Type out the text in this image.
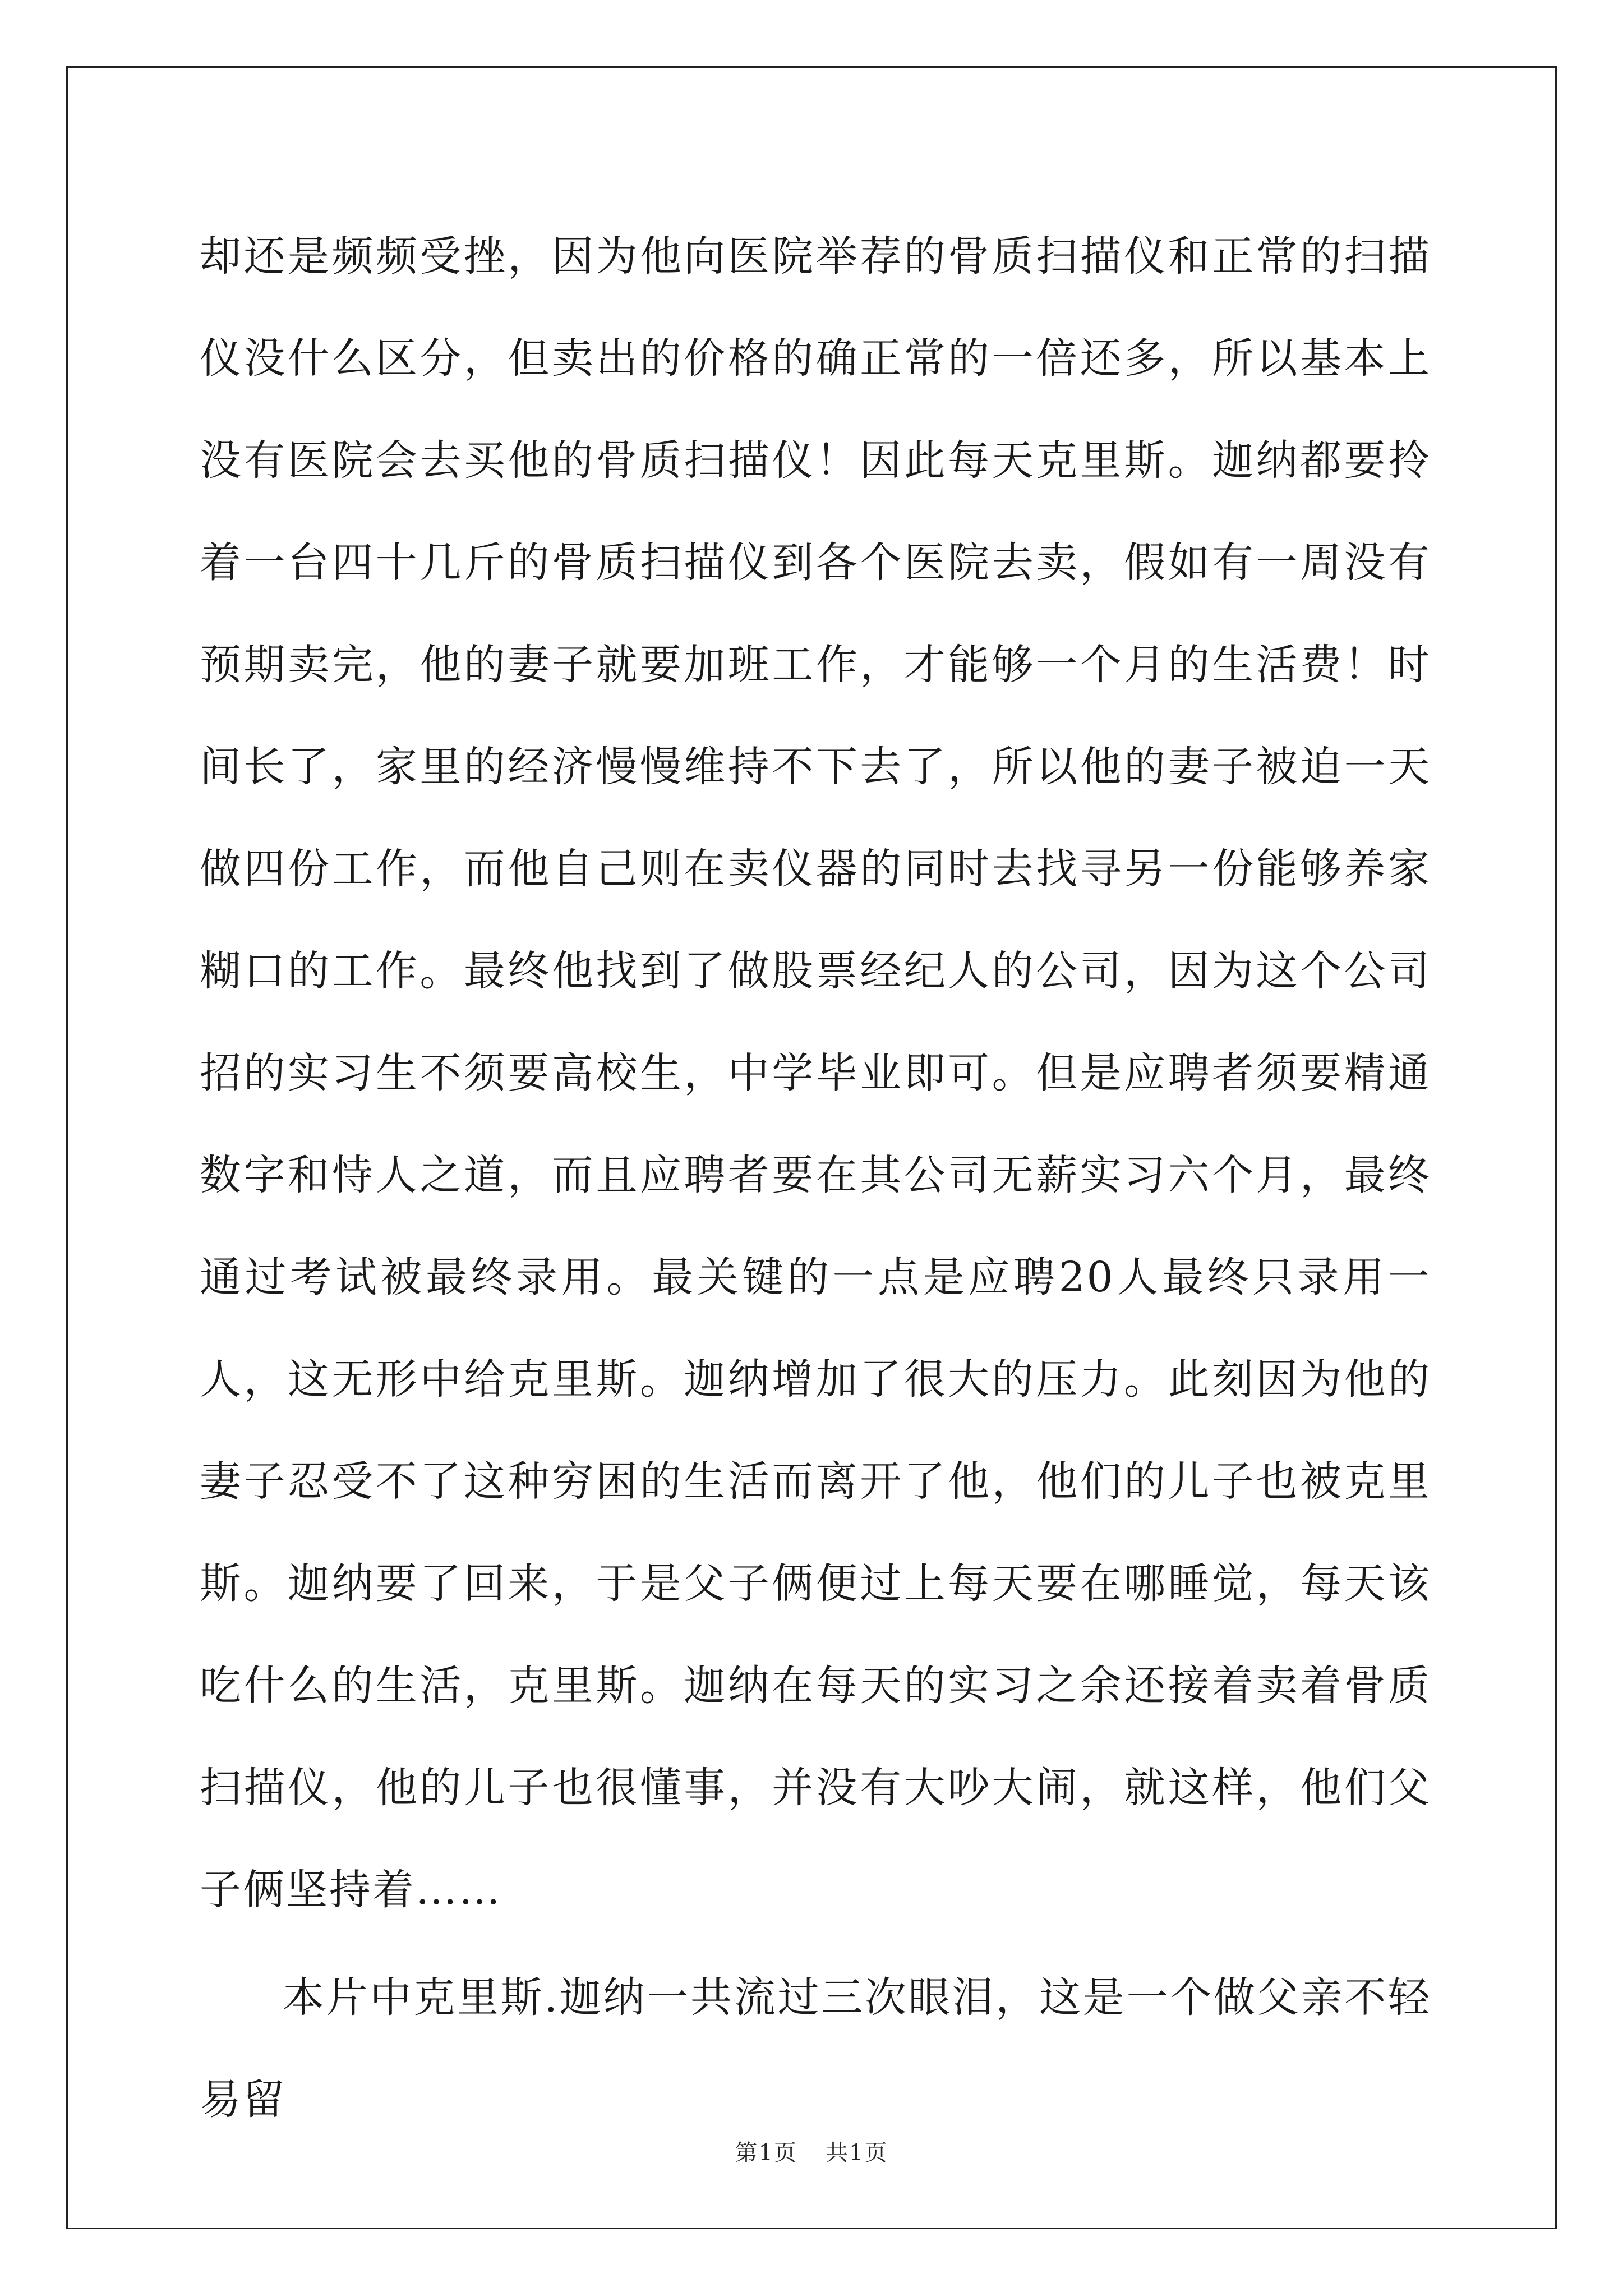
却还是频频受挫，因为他向医院举荐的骨质扫描仪和正常的扫描仪没什么区分，但卖出的价格的确正常的一倍还多，所以基本上没有医院会去买他的骨质扫描仪！因此每天克里斯。迦纳都要拎着一台四十几斤的骨质扫描仪到各个医院去卖，假如有一周没有预期卖完，他的妻子就要加班工作，才能够一个月的生活费！时间长了，家里的经济慢慢维持不下去了，所以他的妻子被迫一天做四份工作，而他自己则在卖仪器的同时去找寻另一份能够养家糊口的工作。最终他找到了做股票经纪人的公司，因为这个公司招的实习生不须要高校生，中学毕业即可。但是应聘者须要精通数字和恃人之道，而且应聘者要在其公司无薪实习六个月，最终通过考试被最终录用。最关键的一点是应聘20人最终只录用一人，这无形中给克里斯。迦纳增加了很大的压力。此刻因为他的妻子忍受不了这种穷困的生活而离开了他，他们的儿子也被克里斯。迦纳要了回来，于是父子俩便过上每天要在哪睡觉，每天该吃什么的生活，克里斯。迦纳在每天的实习之余还接着卖着骨质扫描仪，他的儿子也很懂事，并没有大吵大闹，就这样，他们父子俩坚持着……

本片中克里斯.迦纳一共流过三次眼泪，这是一个做父亲不轻易留

第1页 共1页
